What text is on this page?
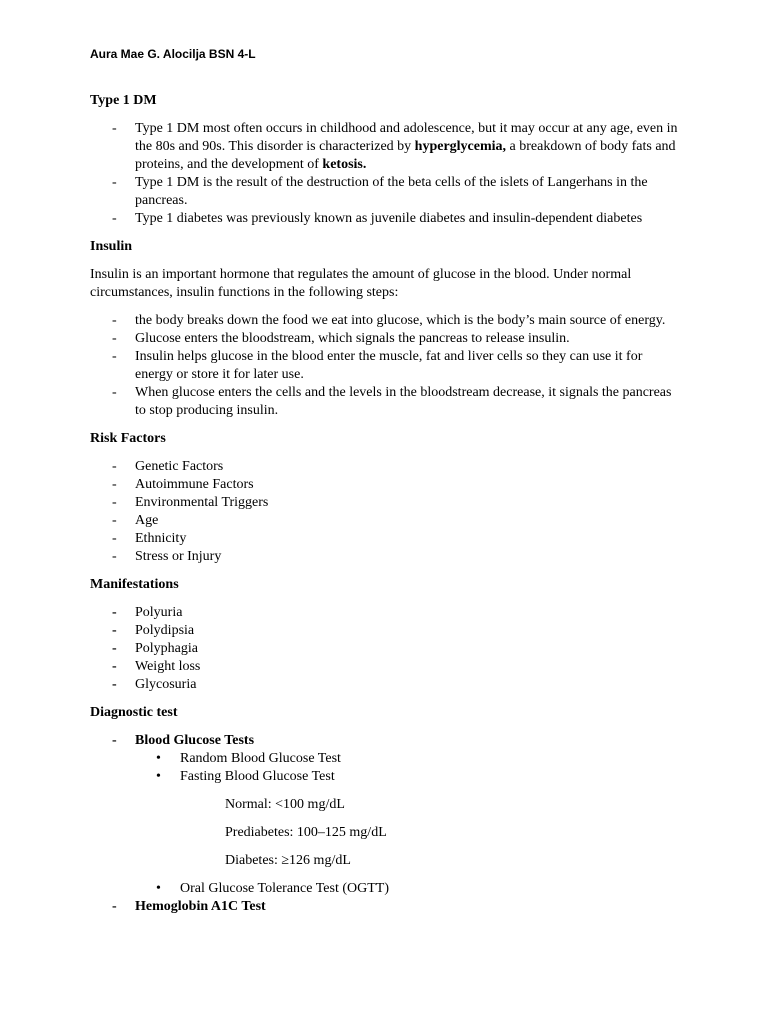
Aura Mae G. Alocilja BSN 4-L

Type 1 DM

- Type 1 DM most often occurs in childhood and adolescence, but it may occur at any age, even in the 80s and 90s. This disorder is characterized by hyperglycemia, a breakdown of body fats and proteins, and the development of ketosis.
- Type 1 DM is the result of the destruction of the beta cells of the islets of Langerhans in the pancreas.
- Type 1 diabetes was previously known as juvenile diabetes and insulin-dependent diabetes

Insulin

Insulin is an important hormone that regulates the amount of glucose in the blood. Under normal circumstances, insulin functions in the following steps:

- the body breaks down the food we eat into glucose, which is the body’s main source of energy.
- Glucose enters the bloodstream, which signals the pancreas to release insulin.
- Insulin helps glucose in the blood enter the muscle, fat and liver cells so they can use it for energy or store it for later use.
- When glucose enters the cells and the levels in the bloodstream decrease, it signals the pancreas to stop producing insulin.

Risk Factors

- Genetic Factors
- Autoimmune Factors
- Environmental Triggers
- Age
- Ethnicity
- Stress or Injury

Manifestations

- Polyuria
- Polydipsia
- Polyphagia
- Weight loss
- Glycosuria

Diagnostic test

- Blood Glucose Tests
• Random Blood Glucose Test
• Fasting Blood Glucose Test

Normal: <100 mg/dL

Prediabetes: 100–125 mg/dL

Diabetes: ≥126 mg/dL

• Oral Glucose Tolerance Test (OGTT)
- Hemoglobin A1C Test
